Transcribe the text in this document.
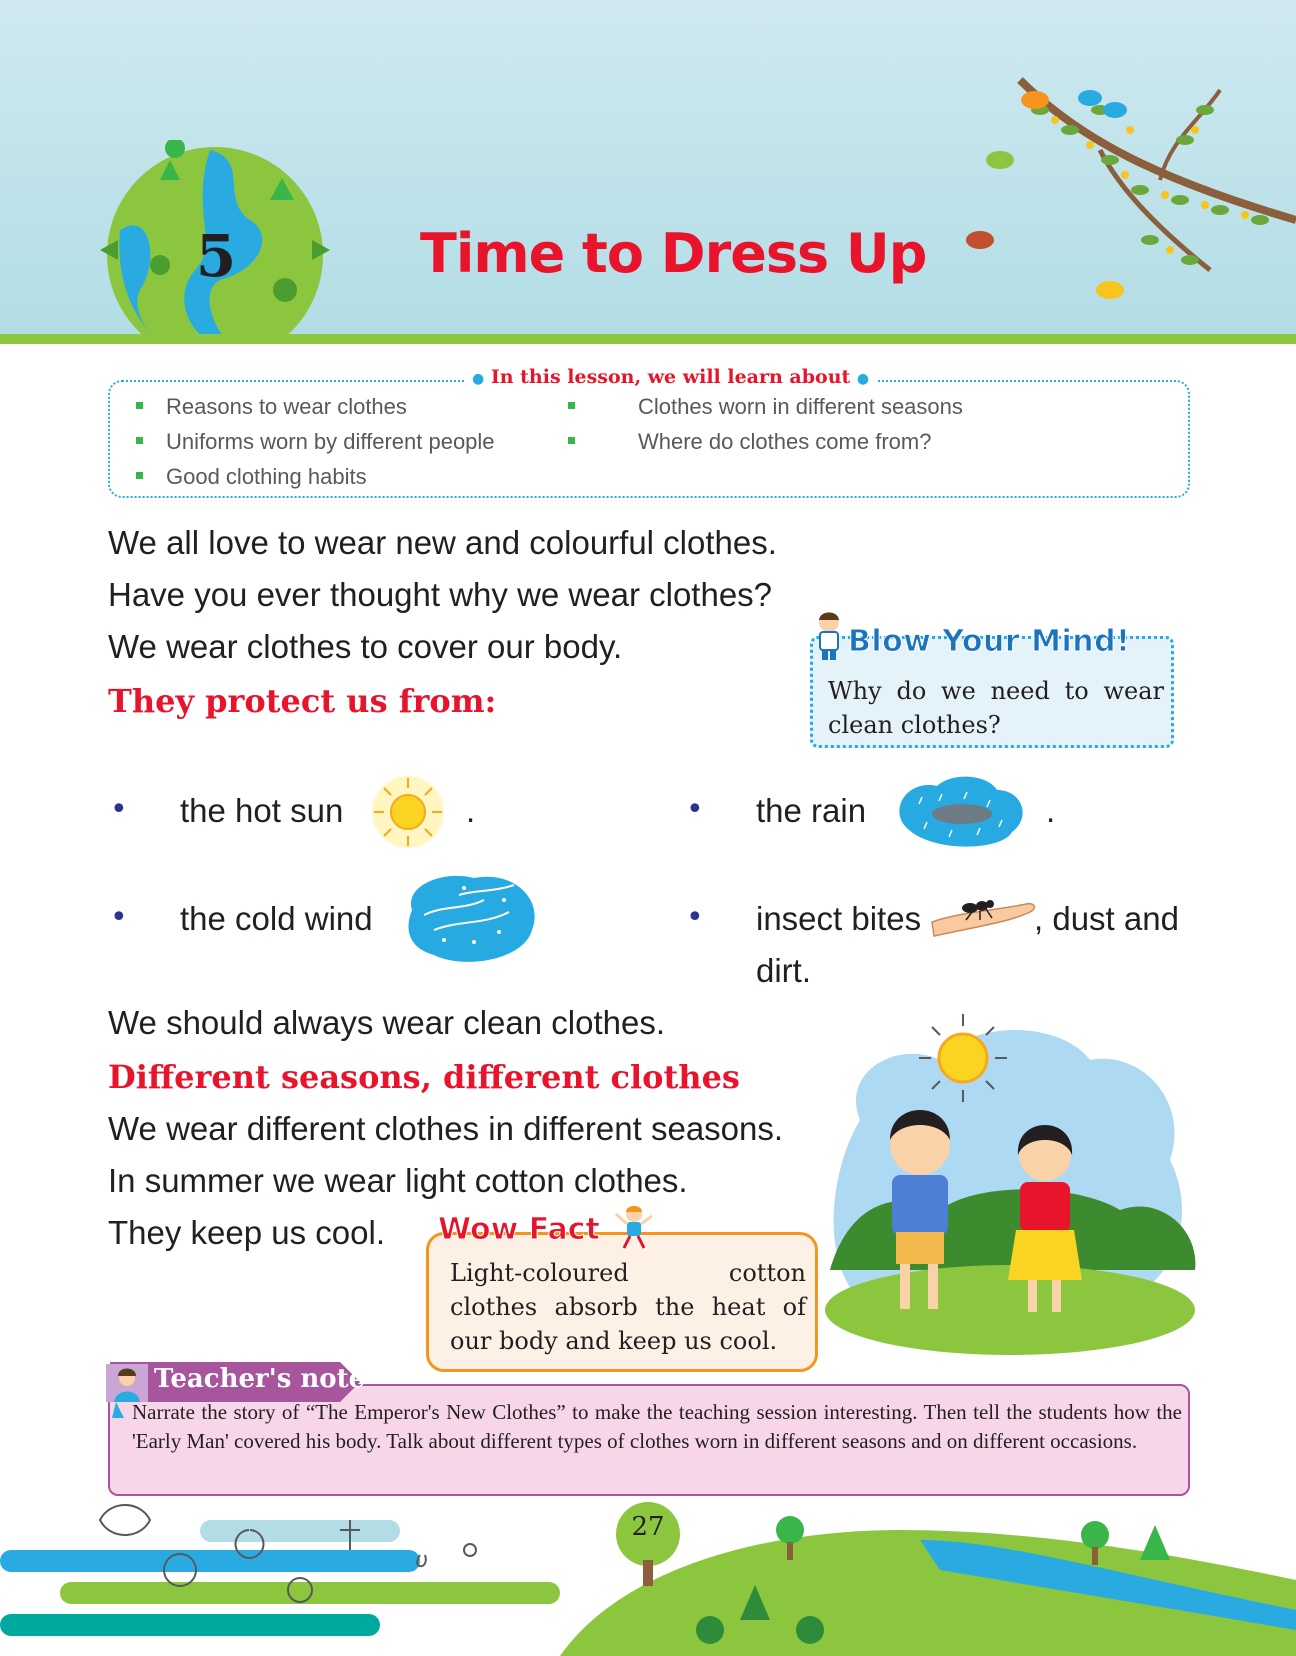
5	Time to Dress Up
● In this lesson, we will learn about ●
Reasons to wear clothes
Uniforms worn by different people
Good clothing habits
Clothes worn in different seasons
Where do clothes come from?
We all love to wear new and colourful clothes.
Have you ever thought why we wear clothes?
We wear clothes to cover our body.
They protect us from:
Blow Your Mind!
Why do we need to wear clean clothes?
• the hot sun	.	• the rain	.
• the cold wind	• insect bites	, dust and
dirt.
We should always wear clean clothes.
Different seasons, different clothes
We wear different clothes in different seasons.
In summer we wear light cotton clothes.
They keep us cool. Wow Fact
Light-coloured cotton clothes absorb the heat of our body and keep us cool.
Teacher's note
Narrate the story of “The Emperor's New Clothes” to make the teaching session interesting. Then tell the students how the 'Early Man' covered his body. Talk about different types of clothes worn in different seasons and on different occasions.
27
